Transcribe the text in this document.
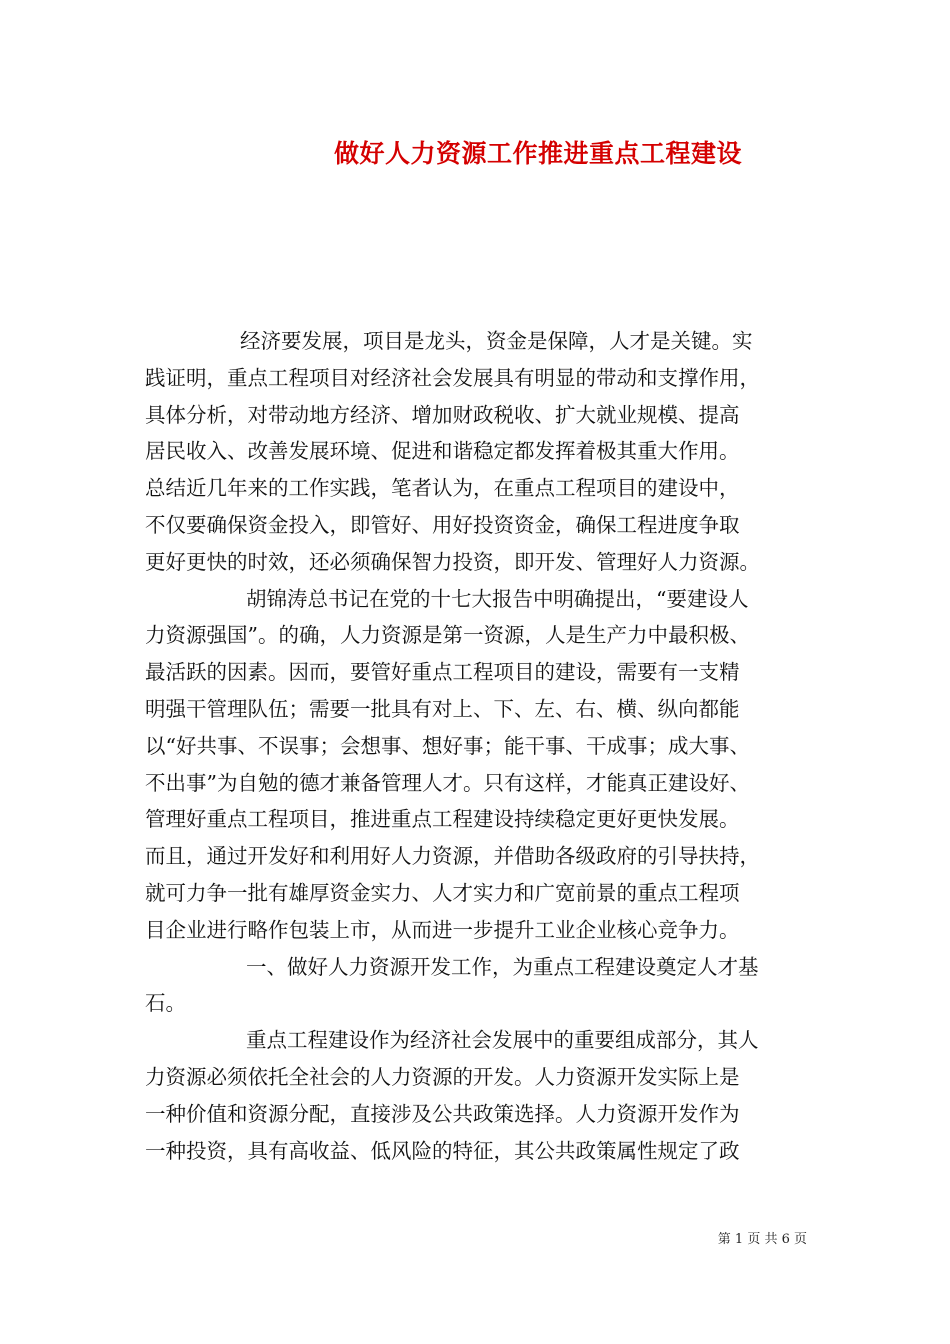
做好人力资源工作推进重点工程建设
经济要发展，项目是龙头，资金是保障，人才是关键。实
践证明，重点工程项目对经济社会发展具有明显的带动和支撑作用，
具体分析，对带动地方经济、增加财政税收、扩大就业规模、提高
居民收入、改善发展环境、促进和谐稳定都发挥着极其重大作用。
总结近几年来的工作实践，笔者认为，在重点工程项目的建设中，
不仅要确保资金投入，即管好、用好投资资金，确保工程进度争取
更好更快的时效，还必须确保智力投资，即开发、管理好人力资源。
胡锦涛总书记在党的十七大报告中明确提出，“要建设人
力资源强国”。的确，人力资源是第一资源，人是生产力中最积极、
最活跃的因素。因而，要管好重点工程项目的建设，需要有一支精
明强干管理队伍；需要一批具有对上、下、左、右、横、纵向都能
以“好共事、不误事；会想事、想好事；能干事、干成事；成大事、
不出事”为自勉的德才兼备管理人才。只有这样，才能真正建设好、
管理好重点工程项目，推进重点工程建设持续稳定更好更快发展。
而且，通过开发好和利用好人力资源，并借助各级政府的引导扶持，
就可力争一批有雄厚资金实力、人才实力和广宽前景的重点工程项
目企业进行略作包装上市，从而进一步提升工业企业核心竞争力。
一、做好人力资源开发工作，为重点工程建设奠定人才基
石。
重点工程建设作为经济社会发展中的重要组成部分，其人
力资源必须依托全社会的人力资源的开发。人力资源开发实际上是
一种价值和资源分配，直接涉及公共政策选择。人力资源开发作为
一种投资，具有高收益、低风险的特征，其公共政策属性规定了政
第 1 页 共 6 页
